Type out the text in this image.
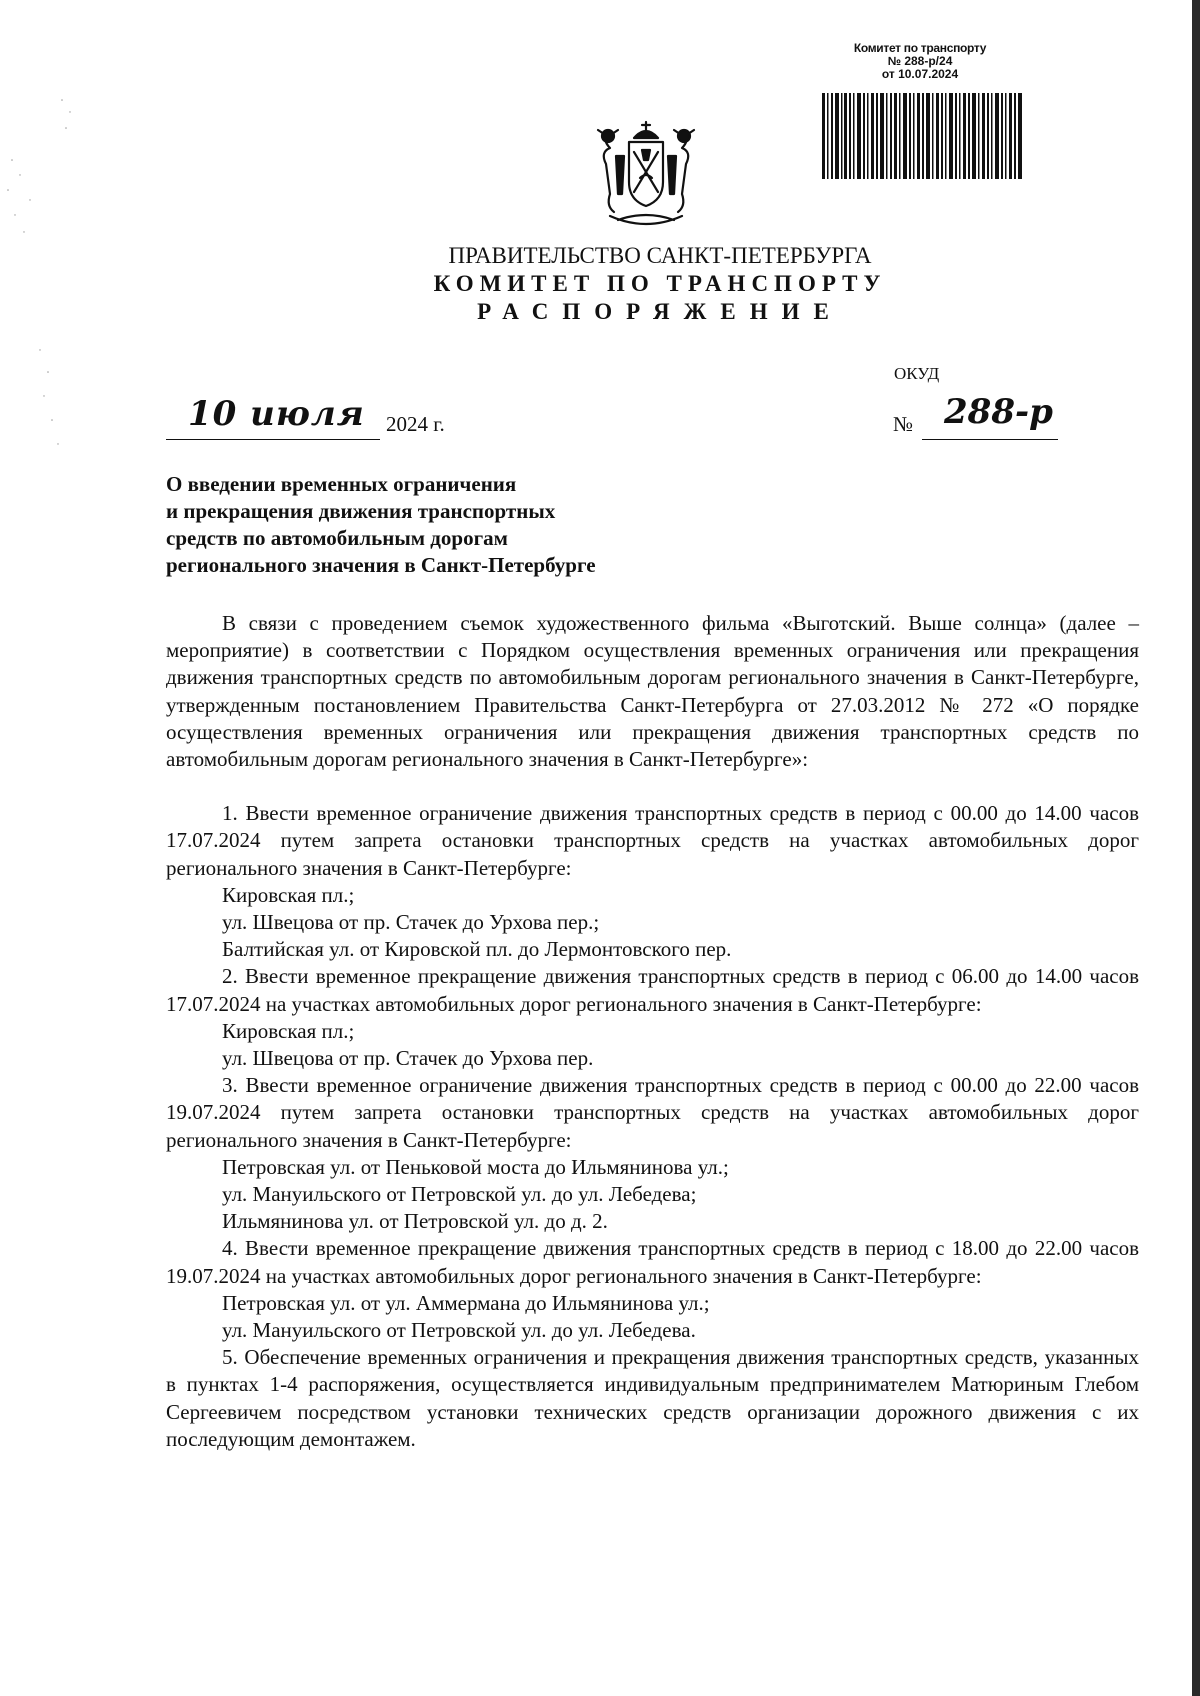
Комитет по транспорту
№ 288-р/24
от 10.07.2024
ПРАВИТЕЛЬСТВО САНКТ-ПЕТЕРБУРГА
КОМИТЕТ ПО ТРАНСПОРТУ
РАСПОРЯЖЕНИЕ
ОКУД
10 июля 2024 г.	№ 288-р
О введении временных ограничения
и прекращения движения транспортных
средств по автомобильным дорогам
регионального значения в Санкт-Петербурге

В связи с проведением съемок художественного фильма «Выготский. Выше солнца» (далее – мероприятие) в соответствии с Порядком осуществления временных ограничения или прекращения движения транспортных средств по автомобильным дорогам регионального значения в Санкт-Петербурге, утвержденным постановлением Правительства Санкт-Петербурга от 27.03.2012 № 272 «О порядке осуществления временных ограничения или прекращения движения транспортных средств по автомобильным дорогам регионального значения в Санкт-Петербурге»:

1. Ввести временное ограничение движения транспортных средств в период с 00.00 до 14.00 часов 17.07.2024 путем запрета остановки транспортных средств на участках автомобильных дорог регионального значения в Санкт-Петербурге:

Кировская пл.;

ул. Швецова от пр. Стачек до Урхова пер.;

Балтийская ул. от Кировской пл. до Лермонтовского пер.

2. Ввести временное прекращение движения транспортных средств в период с 06.00 до 14.00 часов 17.07.2024 на участках автомобильных дорог регионального значения в Санкт-Петербурге:

Кировская пл.;

ул. Швецова от пр. Стачек до Урхова пер.

3. Ввести временное ограничение движения транспортных средств в период с 00.00 до 22.00 часов 19.07.2024 путем запрета остановки транспортных средств на участках автомобильных дорог регионального значения в Санкт-Петербурге:

Петровская ул. от Пеньковой моста до Ильмянинова ул.;

ул. Мануильского от Петровской ул. до ул. Лебедева;

Ильмянинова ул. от Петровской ул. до д. 2.

4. Ввести временное прекращение движения транспортных средств в период с 18.00 до 22.00 часов 19.07.2024 на участках автомобильных дорог регионального значения в Санкт-Петербурге:

Петровская ул. от ул. Аммермана до Ильмянинова ул.;

ул. Мануильского от Петровской ул. до ул. Лебедева.

5. Обеспечение временных ограничения и прекращения движения транспортных средств, указанных в пунктах 1-4 распоряжения, осуществляется индивидуальным предпринимателем Матюриным Глебом Сергеевичем посредством установки технических средств организации дорожного движения с их последующим демонтажем.
